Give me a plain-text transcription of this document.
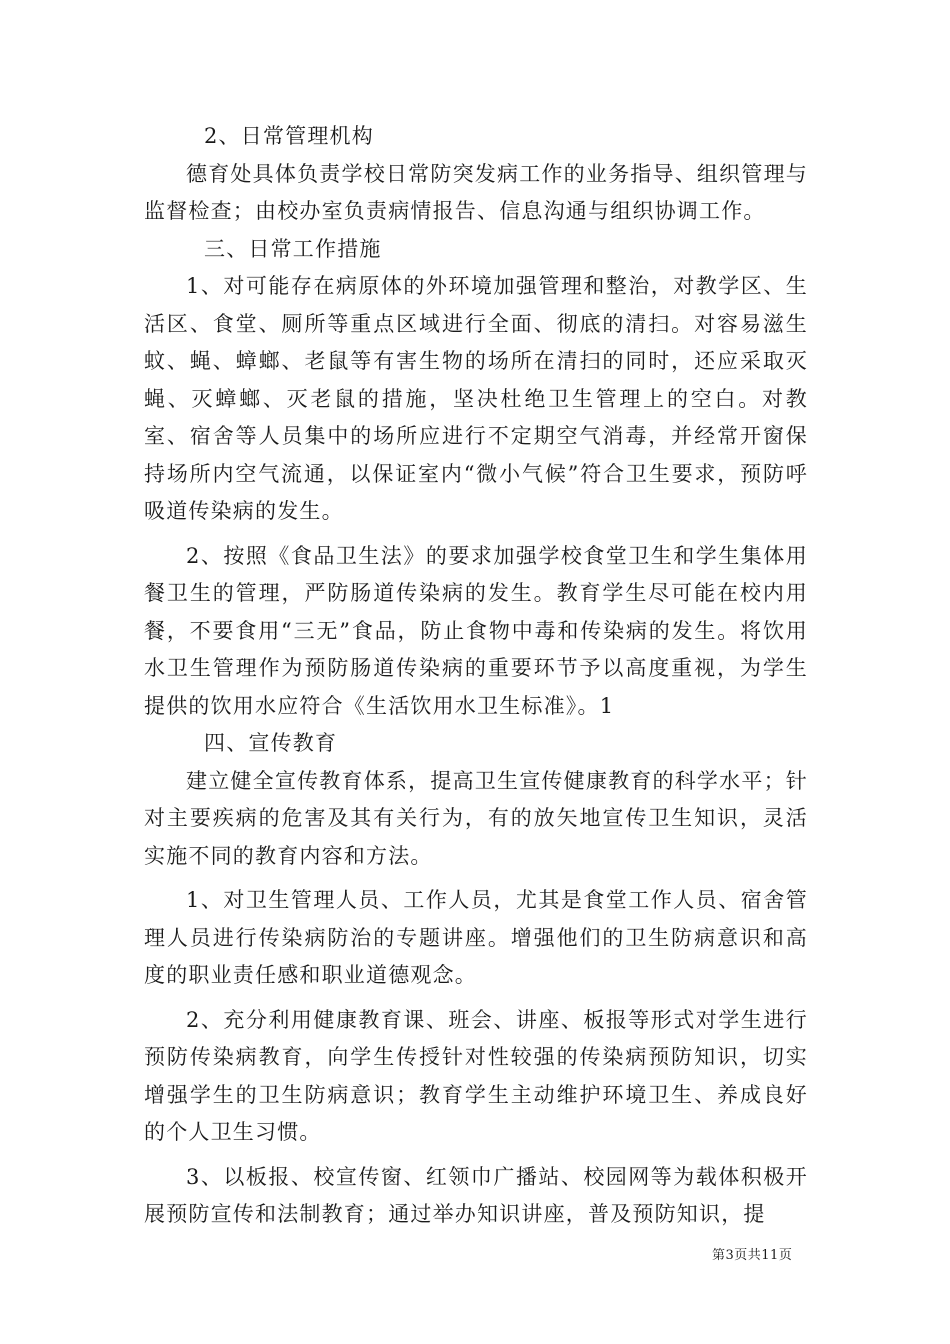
2、日常管理机构

德育处具体负责学校日常防突发病工作的业务指导、组织管理与监督检查；由校办室负责病情报告、信息沟通与组织协调工作。

三、日常工作措施

1、对可能存在病原体的外环境加强管理和整治，对教学区、生活区、食堂、厕所等重点区域进行全面、彻底的清扫。对容易滋生蚊、蝇、蟑螂、老鼠等有害生物的场所在清扫的同时，还应采取灭蝇、灭蟑螂、灭老鼠的措施，坚决杜绝卫生管理上的空白。对教室、宿舍等人员集中的场所应进行不定期空气消毒，并经常开窗保持场所内空气流通，以保证室内“微小气候”符合卫生要求，预防呼吸道传染病的发生。

2、按照《食品卫生法》的要求加强学校食堂卫生和学生集体用餐卫生的管理，严防肠道传染病的发生。教育学生尽可能在校内用餐，不要食用“三无”食品，防止食物中毒和传染病的发生。将饮用水卫生管理作为预防肠道传染病的重要环节予以高度重视，为学生提供的饮用水应符合《生活饮用水卫生标准》。1

四、宣传教育

建立健全宣传教育体系，提高卫生宣传健康教育的科学水平；针对主要疾病的危害及其有关行为，有的放矢地宣传卫生知识，灵活实施不同的教育内容和方法。

1、对卫生管理人员、工作人员，尤其是食堂工作人员、宿舍管理人员进行传染病防治的专题讲座。增强他们的卫生防病意识和高度的职业责任感和职业道德观念。

2、充分利用健康教育课、班会、讲座、板报等形式对学生进行预防传染病教育，向学生传授针对性较强的传染病预防知识，切实增强学生的卫生防病意识；教育学生主动维护环境卫生、养成良好的个人卫生习惯。

3、以板报、校宣传窗、红领巾广播站、校园网等为载体积极开展预防宣传和法制教育；通过举办知识讲座，普及预防知识，提

第3页共11页
